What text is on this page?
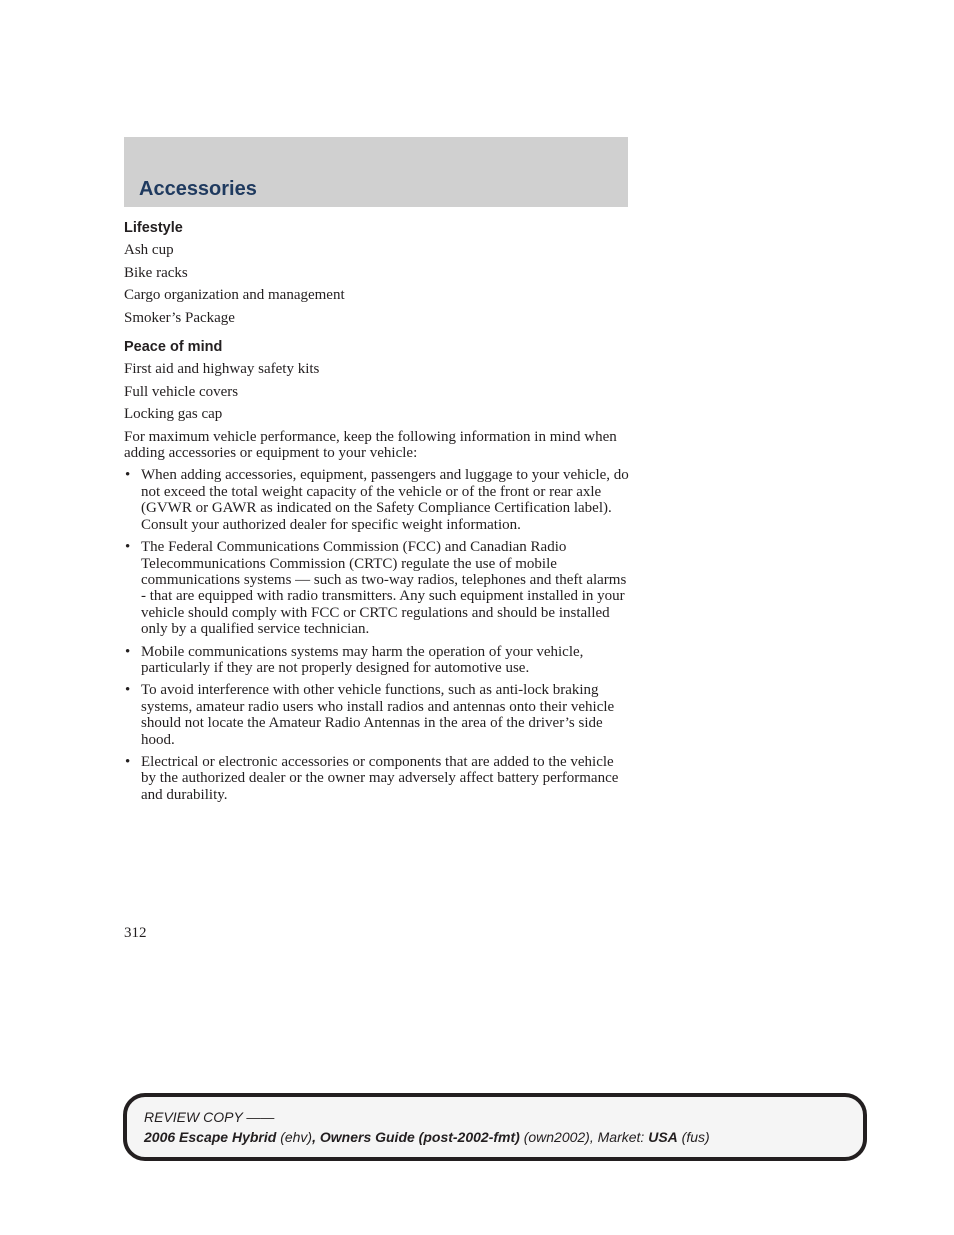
Accessories
Lifestyle
Ash cup
Bike racks
Cargo organization and management
Smoker’s Package
Peace of mind
First aid and highway safety kits
Full vehicle covers
Locking gas cap

For maximum vehicle performance, keep the following information in mind when adding accessories or equipment to your vehicle:

• When adding accessories, equipment, passengers and luggage to your vehicle, do not exceed the total weight capacity of the vehicle or of the front or rear axle (GVWR or GAWR as indicated on the Safety Compliance Certification label). Consult your authorized dealer for specific weight information.
• The Federal Communications Commission (FCC) and Canadian Radio Telecommunications Commission (CRTC) regulate the use of mobile communications systems — such as two-way radios, telephones and theft alarms - that are equipped with radio transmitters. Any such equipment installed in your vehicle should comply with FCC or CRTC regulations and should be installed only by a qualified service technician.
• Mobile communications systems may harm the operation of your vehicle, particularly if they are not properly designed for automotive use.
• To avoid interference with other vehicle functions, such as anti-lock braking systems, amateur radio users who install radios and antennas onto their vehicle should not locate the Amateur Radio Antennas in the area of the driver’s side hood.
• Electrical or electronic accessories or components that are added to the vehicle by the authorized dealer or the owner may adversely affect battery performance and durability.
312
REVIEW COPY ——
2006 Escape Hybrid (ehv), Owners Guide (post-2002-fmt) (own2002), Market: USA (fus)
